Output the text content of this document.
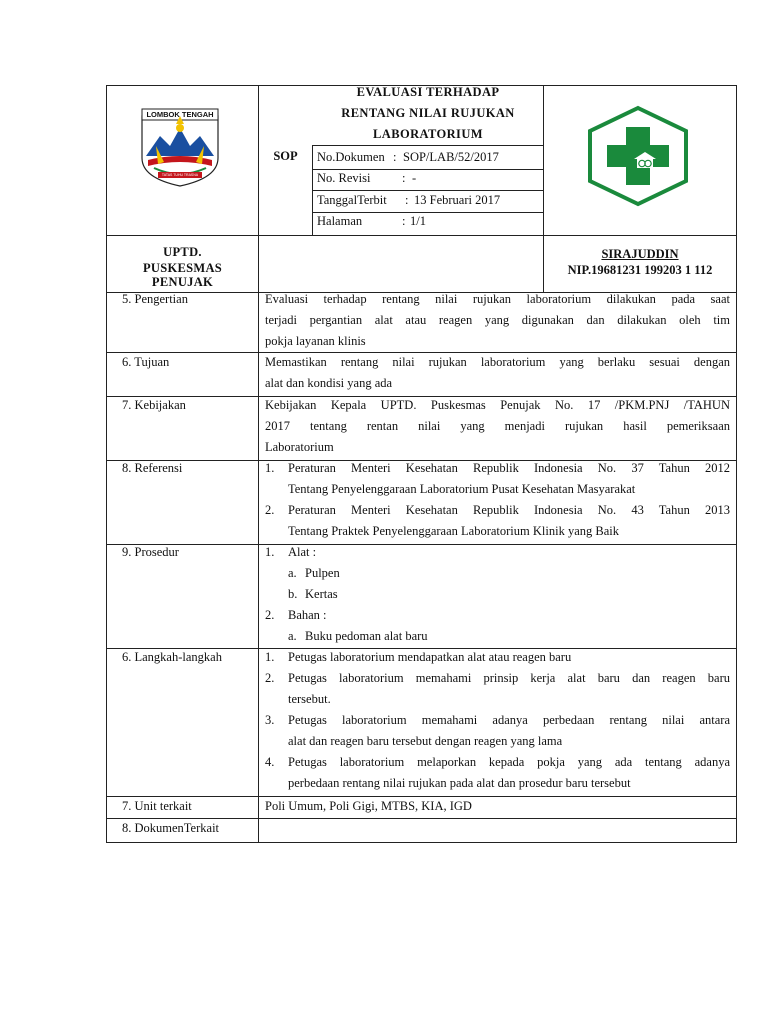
LOMBOK TENGAH
TATAS TUHU TRASNA
SOP
EVALUASI TERHADAP
RENTANG NILAI RUJUKAN
LABORATORIUM
No.Dokumen : SOP/LAB/52/2017
No. Revisi	: -
TanggalTerbit : 13 Februari 2017
Halaman	: 1/1
UPTD.
PUSKESMAS
PENUJAK
SIRAJUDDIN
NIP.19681231 199203 1 112
5. Pengertian	Evaluasi terhadap rentang nilai rujukan laboratorium dilakukan pada saat
terjadi pergantian alat atau reagen yang digunakan dan dilakukan oleh tim
pokja layanan klinis
6. Tujuan	Memastikan rentang nilai rujukan laboratorium yang berlaku sesuai dengan
alat dan kondisi yang ada
7. Kebijakan	Kebijakan Kepala UPTD. Puskesmas Penujak No. 17 /PKM.PNJ /TAHUN
2017 tentang rentan nilai yang menjadi rujukan hasil pemeriksaan
Laboratorium
8. Referensi	1. Peraturan Menteri Kesehatan Republik Indonesia No. 37 Tahun 2012
Tentang Penyelenggaraan Laboratorium Pusat Kesehatan Masyarakat
2. Peraturan Menteri Kesehatan Republik Indonesia No. 43 Tahun 2013
Tentang Praktek Penyelenggaraan Laboratorium Klinik yang Baik
9. Prosedur	1. Alat :
a. Pulpen
b. Kertas
2. Bahan :
a. Buku pedoman alat baru
6. Langkah-langkah	1. Petugas laboratorium mendapatkan alat atau reagen baru
2. Petugas laboratorium memahami prinsip kerja alat baru dan reagen baru
tersebut.
3. Petugas laboratorium memahami adanya perbedaan rentang nilai antara
alat dan reagen baru tersebut dengan reagen yang lama
4. Petugas laboratorium melaporkan kepada pokja yang ada tentang adanya
perbedaan rentang nilai rujukan pada alat dan prosedur baru tersebut
7. Unit terkait	Poli Umum, Poli Gigi, MTBS, KIA, IGD
8. DokumenTerkait
